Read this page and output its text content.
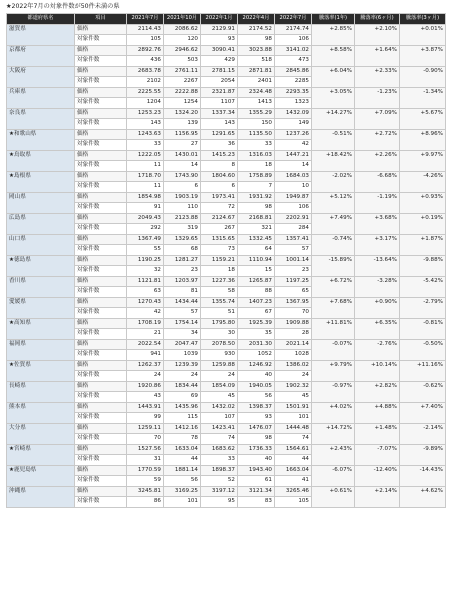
★2022年7月の対象件数が50件未満の県
都道府県名	項目	2021年7月	2021年10月	2022年1月	2022年4月	2022年7月	騰落率(1年)	騰落率(6ヶ月)	騰落率(3ヶ月)
滋賀県	価格	2114.43	2086.62	2129.91	2174.52	2174.74	+2.85%	+2.10%	+0.01%
	対象件数	105	120	93	98	106			
京都府	価格	2892.76	2946.62	3090.41	3023.88	3141.02	+8.58%	+1.64%	+3.87%
	対象件数	436	503	429	518	473			
大阪府	価格	2683.78	2761.11	2781.15	2871.81	2845.86	+6.04%	+2.33%	-0.90%
	対象件数	2102	2267	2054	2401	2285			
兵庫県	価格	2225.55	2222.88	2321.87	2324.48	2293.35	+3.05%	-1.23%	-1.34%
	対象件数	1204	1254	1107	1413	1323			
奈良県	価格	1253.23	1324.20	1337.34	1355.29	1432.09	+14.27%	+7.09%	+5.67%
	対象件数	143	139	143	150	149			
★和歌山県	価格	1243.63	1156.95	1291.65	1135.50	1237.26	-0.51%	+2.72%	+8.96%
	対象件数	33	27	36	33	42			
★鳥取県	価格	1222.05	1430.01	1415.23	1316.03	1447.21	+18.42%	+2.26%	+9.97%
	対象件数	11	14	8	18	14			
★島根県	価格	1718.70	1743.90	1804.60	1758.89	1684.03	-2.02%	-6.68%	-4.26%
	対象件数	11	6	6	7	10			
岡山県	価格	1854.98	1903.19	1973.41	1931.92	1949.87	+5.12%	-1.19%	+0.93%
	対象件数	91	110	72	98	106			
広島県	価格	2049.43	2123.88	2124.67	2168.81	2202.91	+7.49%	+3.68%	+0.19%
	対象件数	292	319	267	321	284			
山口県	価格	1367.49	1329.65	1315.65	1332.45	1357.41	-0.74%	+3.17%	+1.87%
	対象件数	55	68	73	64	57			
★徳島県	価格	1190.25	1281.27	1159.21	1110.94	1001.14	-15.89%	-13.64%	-9.88%
	対象件数	32	23	18	15	23			
香川県	価格	1121.81	1203.97	1227.36	1265.87	1197.25	+6.72%	-3.28%	-5.42%
	対象件数	63	81	58	88	65			
愛媛県	価格	1270.43	1434.44	1355.74	1407.23	1367.95	+7.68%	+0.90%	-2.79%
	対象件数	42	57	51	67	70			
★高知県	価格	1708.19	1754.14	1795.80	1925.39	1909.88	+11.81%	+6.35%	-0.81%
	対象件数	21	34	30	35	28			
福岡県	価格	2022.54	2047.47	2078.50	2031.30	2021.14	-0.07%	-2.76%	-0.50%
	対象件数	941	1039	930	1052	1028			
★佐賀県	価格	1262.37	1239.39	1259.88	1246.92	1386.02	+9.79%	+10.14%	+11.16%
	対象件数	24	24	24	40	24			
長崎県	価格	1920.86	1834.44	1854.09	1940.05	1902.32	-0.97%	+2.82%	-0.62%
	対象件数	43	69	45	56	45			
熊本県	価格	1443.91	1435.96	1432.02	1398.37	1501.91	+4.02%	+4.88%	+7.40%
	対象件数	99	115	107	93	101			
大分県	価格	1259.11	1412.16	1423.41	1476.07	1444.48	+14.72%	+1.48%	-2.14%
	対象件数	70	78	74	98	74			
★宮崎県	価格	1527.56	1633.04	1683.62	1736.33	1564.61	+2.43%	-7.07%	-9.89%
	対象件数	31	44	33	40	44			
★鹿児島県	価格	1770.59	1881.14	1898.37	1943.40	1663.04	-6.07%	-12.40%	-14.43%
	対象件数	59	56	52	61	41			
沖縄県	価格	3245.81	3169.25	3197.12	3121.34	3265.46	+0.61%	+2.14%	+4.62%
	対象件数	86	101	95	83	105			
